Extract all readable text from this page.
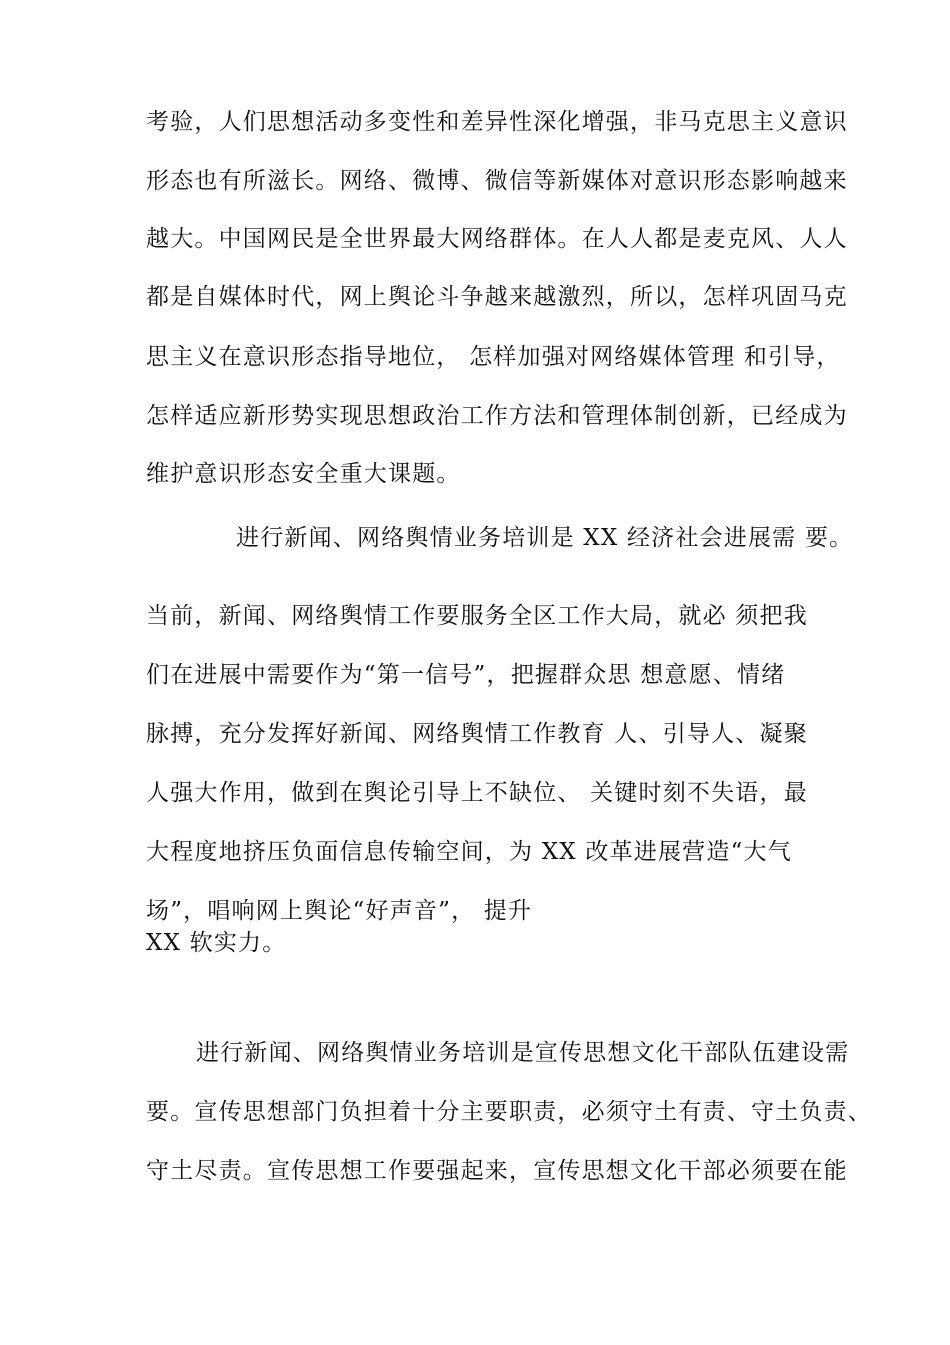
考验，人们思想活动多变性和差异性深化增强，非马克思主义意识
形态也有所滋长。网络、微博、微信等新媒体对意识形态影响越来
越大。中国网民是全世界最大网络群体。在人人都是麦克风、人人
都是自媒体时代，网上舆论斗争越来越激烈，所以，怎样巩固马克
思主义在意识形态指导地位， 怎样加强对网络媒体管理 和引导，
怎样适应新形势实现思想政治工作方法和管理体制创新，已经成为
维护意识形态安全重大课题。
进行新闻、网络舆情业务培训是 XX 经济社会进展需 要。
当前，新闻、网络舆情工作要服务全区工作大局，就必 须把我
们在进展中需要作为“第一信号”，把握群众思 想意愿、情绪
脉搏，充分发挥好新闻、网络舆情工作教育 人、引导人、凝聚
人强大作用，做到在舆论引导上不缺位、 关键时刻不失语，最
大程度地挤压负面信息传输空间，为 XX 改革进展营造“大气
场”，唱响网上舆论“好声音”， 提升
XX 软实力。
进行新闻、网络舆情业务培训是宣传思想文化干部队伍建设需
要。宣传思想部门负担着十分主要职责，必须守土有责、守土负责、
守土尽责。宣传思想工作要强起来，宣传思想文化干部必须要在能
